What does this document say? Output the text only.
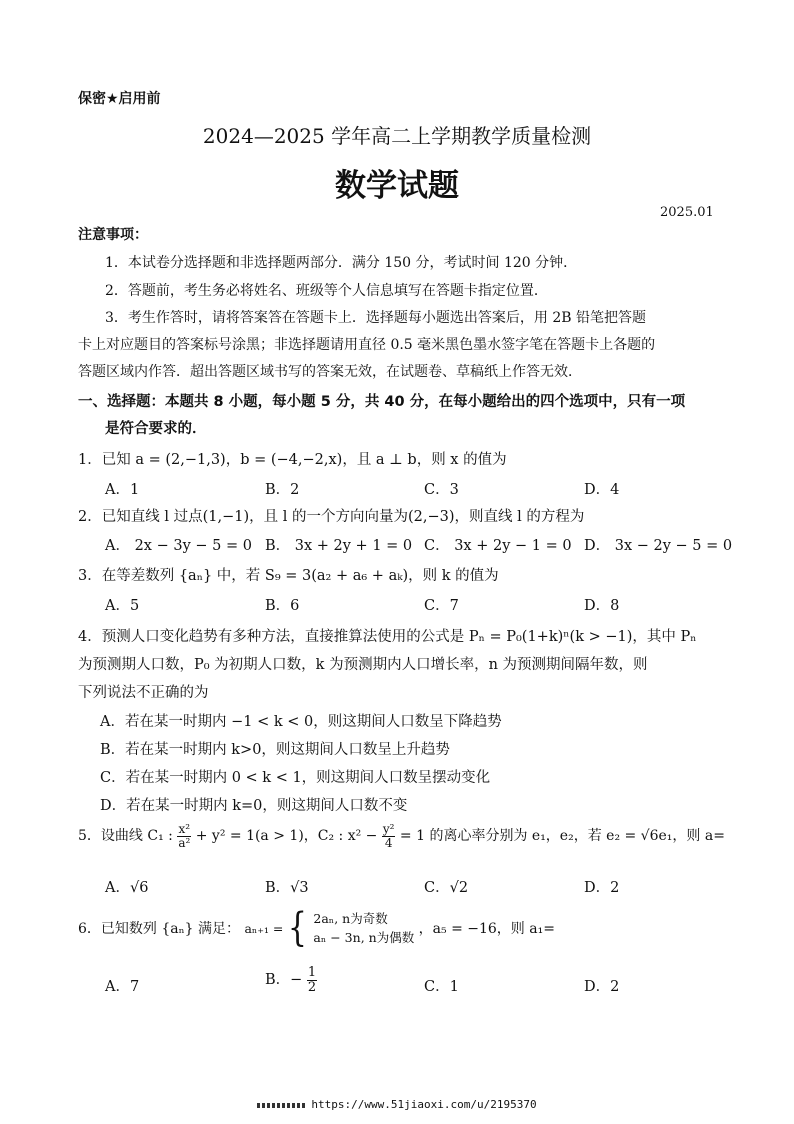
保密★启用前
2024—2025 学年高二上学期教学质量检测
数学试题
2025.01
注意事项：
1．本试卷分选择题和非选择题两部分．满分 150 分，考试时间 120 分钟．
2．答题前，考生务必将姓名、班级等个人信息填写在答题卡指定位置．
3．考生作答时，请将答案答在答题卡上．选择题每小题选出答案后，用 2B 铅笔把答题
卡上对应题目的答案标号涂黑；非选择题请用直径 0.5 毫米黑色墨水签字笔在答题卡上各题的
答题区域内作答．超出答题区域书写的答案无效，在试题卷、草稿纸上作答无效．
一、选择题：本题共 8 小题，每小题 5 分，共 40 分，在每小题给出的四个选项中，只有一项
是符合要求的．
1．已知 a = (2,−1,3)，b = (−4,−2,x)，且 a ⊥ b，则 x 的值为
A．1	B．2	C．3	D．4
2．已知直线 l 过点(1,−1)，且 l 的一个方向向量为(2,−3)，则直线 l 的方程为
A． 2x − 3y − 5 = 0 B． 3x + 2y + 1 = 0 C． 3x + 2y − 1 = 0 D． 3x − 2y − 5 = 0
3．在等差数列 {aₙ} 中，若 S₉ = 3(a₂ + a₆ + aₖ)，则 k 的值为
A．5	B．6	C．7	D．8
4．预测人口变化趋势有多种方法，直接推算法使用的公式是 Pₙ = P₀(1+k)ⁿ(k > −1)，其中 Pₙ
为预测期人口数，P₀ 为初期人口数，k 为预测期内人口增长率，n 为预测期间隔年数，则
下列说法不正确的为
A．若在某一时期内 −1 < k < 0，则这期间人口数呈下降趋势
B．若在某一时期内 k>0，则这期间人口数呈上升趋势
C．若在某一时期内 0 < k < 1，则这期间人口数呈摆动变化
D．若在某一时期内 k=0，则这期间人口数不变
5．设曲线 C₁ : $\frac{\text{x²}}{\text{a²}} + y^2 = 1(a > 1)$，C₂ : $x^2 - \frac{\text{y²}}{4} = 1$ 的离心率分别为 e₁，e₂，若 e₂ = √6e₁，则 a=
A．√6	B．√3	C．√2	D．2
6．已知数列 {aₙ} 满足： aₙ₊₁ = { 2aₙ, n为奇数
aₙ − 3n, n为偶数
，a₅ = −16，则 a₁=
A．7	B．− $\frac{1}{2}$	C．1	D．2
https://www.51jiaoxi.com/u/2195370
